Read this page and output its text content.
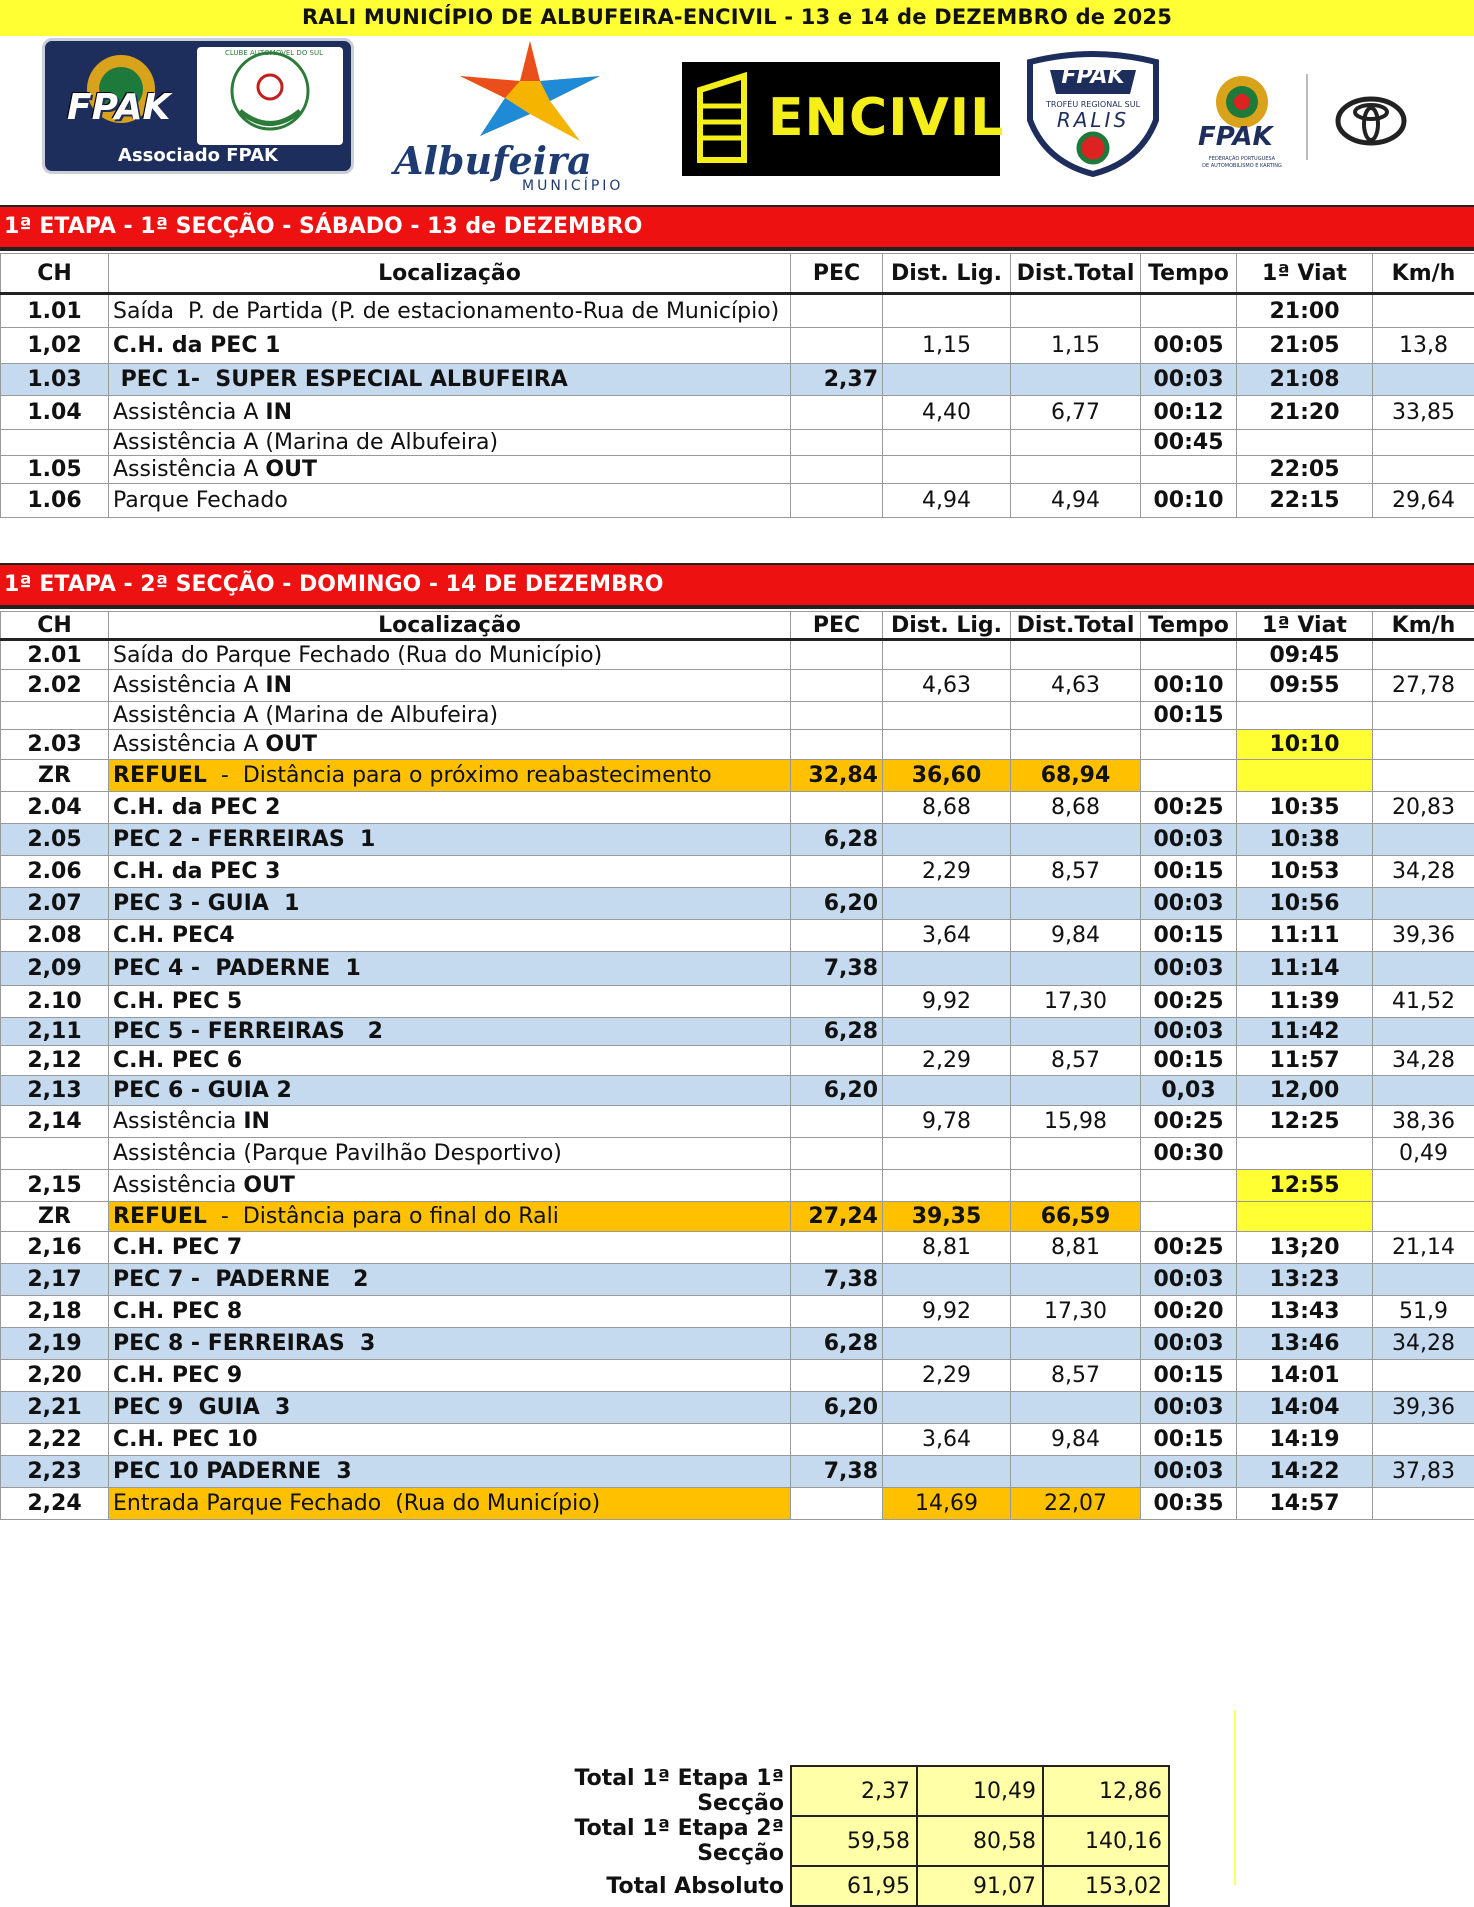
RALI MUNICÍPIO DE ALBUFEIRA-ENCIVIL - 13 e 14 de DEZEMBRO de 2025
FPAK
CLUBE AUTOMOVEL DO SUL
Associado FPAK	Albufeira
MUNICÍPIO
ENCIVIL
FPAK
TROFÉU REGIONAL SUL
RALIS
FPAK
FEDERAÇÃO PORTUGUESA
DE AUTOMOBILISMO E KARTING
1ª ETAPA - 1ª SECÇÃO - SÁBADO - 13 de DEZEMBRO
CH	Localização	PEC	Dist. Lig.	Dist.Total	Tempo	1ª Viat	Km/h
1.01	Saída  P. de Partida (P. de estacionamento-Rua de Município)					21:00	
1,02	C.H. da PEC 1		1,15	1,15	00:05	21:05	13,8
1.03	PEC 1-  SUPER ESPECIAL ALBUFEIRA	2,37			00:03	21:08	
1.04	Assistência A IN		4,40	6,77	00:12	21:20	33,85
	Assistência A (Marina de Albufeira)				00:45		
1.05	Assistência A OUT					22:05	
1.06	Parque Fechado		4,94	4,94	00:10	22:15	29,64
1ª ETAPA - 2ª SECÇÃO - DOMINGO - 14 DE DEZEMBRO
CH	Localização	PEC	Dist. Lig.	Dist.Total	Tempo	1ª Viat	Km/h
2.01	Saída do Parque Fechado (Rua do Município)					09:45	
2.02	Assistência A IN		4,63	4,63	00:10	09:55	27,78
	Assistência A (Marina de Albufeira)				00:15		
2.03	Assistência A OUT					10:10	
ZR	REFUEL  -  Distância para o próximo reabastecimento	32,84	36,60	68,94			
2.04	C.H. da PEC 2		8,68	8,68	00:25	10:35	20,83
2.05	PEC 2 - FERREIRAS  1	6,28			00:03	10:38	
2.06	C.H. da PEC 3		2,29	8,57	00:15	10:53	34,28
2.07	PEC 3 - GUIA  1	6,20			00:03	10:56	
2.08	C.H. PEC4		3,64	9,84	00:15	11:11	39,36
2,09	PEC 4 -  PADERNE  1	7,38			00:03	11:14	
2.10	C.H. PEC 5		9,92	17,30	00:25	11:39	41,52
2,11	PEC 5 - FERREIRAS   2	6,28			00:03	11:42	
2,12	C.H. PEC 6		2,29	8,57	00:15	11:57	34,28
2,13	PEC 6 - GUIA 2	6,20			0,03	12,00	
2,14	Assistência IN		9,78	15,98	00:25	12:25	38,36
	Assistência (Parque Pavilhão Desportivo)				00:30		0,49
2,15	Assistência OUT					12:55	
ZR	REFUEL  -  Distância para o final do Rali	27,24	39,35	66,59			
2,16	C.H. PEC 7		8,81	8,81	00:25	13;20	21,14
2,17	PEC 7 -  PADERNE   2	7,38			00:03	13:23	
2,18	C.H. PEC 8		9,92	17,30	00:20	13:43	51,9
2,19	PEC 8 - FERREIRAS  3	6,28			00:03	13:46	34,28
2,20	C.H. PEC 9		2,29	8,57	00:15	14:01	
2,21	PEC 9  GUIA  3	6,20			00:03	14:04	39,36
2,22	C.H. PEC 10		3,64	9,84	00:15	14:19	
2,23	PEC 10 PADERNE  3	7,38			00:03	14:22	37,83
2,24	Entrada Parque Fechado  (Rua do Município)		14,69	22,07	00:35	14:57	
Total 1ª Etapa 1ª Secção	2,37	10,49	12,86
Total 1ª Etapa 2ª Secção	59,58	80,58	140,16
Total Absoluto	61,95	91,07	153,02
